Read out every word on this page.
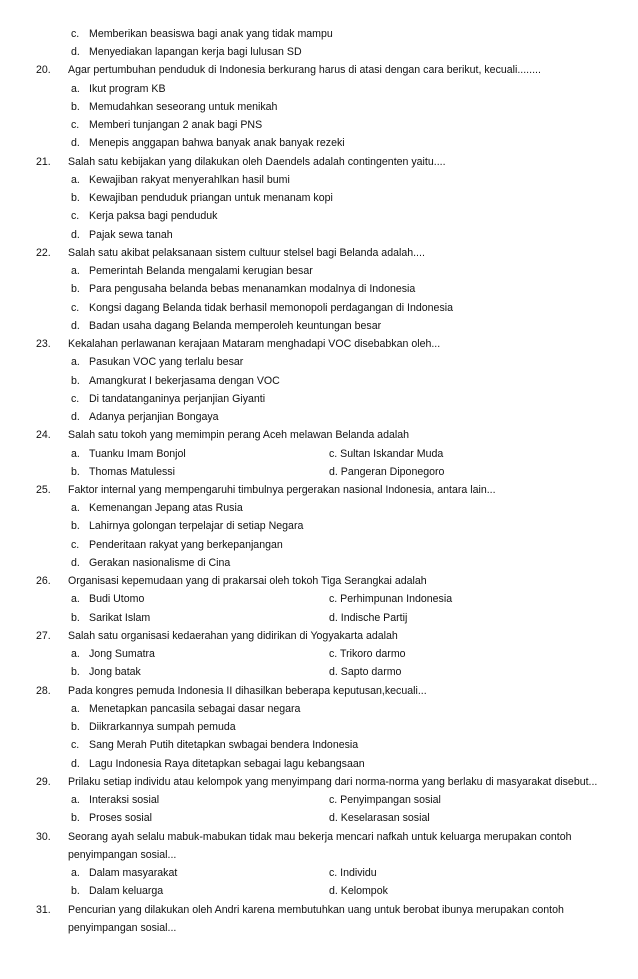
c. Memberikan beasiswa bagi anak yang tidak mampu
d. Menyediakan lapangan kerja bagi lulusan SD
20.	Agar pertumbuhan penduduk di Indonesia berkurang harus di atasi dengan cara berikut, kecuali........
a. Ikut program KB
b. Memudahkan seseorang untuk menikah
c. Memberi tunjangan 2 anak bagi PNS
d. Menepis anggapan bahwa banyak anak banyak rezeki
21.	Salah satu kebijakan yang dilakukan oleh Daendels adalah contingenten yaitu....
a. Kewajiban rakyat menyerahlkan hasil bumi
b. Kewajiban penduduk priangan untuk menanam kopi
c. Kerja paksa bagi penduduk
d. Pajak sewa tanah
22.	Salah satu akibat pelaksanaan sistem cultuur stelsel bagi Belanda adalah....
a. Pemerintah Belanda mengalami kerugian besar
b. Para pengusaha belanda bebas menanamkan modalnya di Indonesia
c. Kongsi dagang Belanda tidak berhasil memonopoli perdagangan di Indonesia
d. Badan usaha dagang Belanda memperoleh keuntungan besar
23.	Kekalahan perlawanan kerajaan Mataram menghadapi VOC disebabkan oleh...
a. Pasukan VOC yang terlalu besar
b. Amangkurat I bekerjasama dengan VOC
c. Di tandatanganinya perjanjian Giyanti
d. Adanya perjanjian Bongaya
24.	Salah satu tokoh yang memimpin perang Aceh melawan Belanda adalah
a. Tuanku Imam Bonjol	c. Sultan Iskandar Muda
b. Thomas Matulessi	d. Pangeran Diponegoro
25.	Faktor internal yang mempengaruhi timbulnya pergerakan nasional Indonesia, antara lain...
a. Kemenangan Jepang atas Rusia
b. Lahirnya golongan terpelajar di setiap Negara
c. Penderitaan rakyat yang berkepanjangan
d. Gerakan nasionalisme di Cina
26.	Organisasi kepemudaan yang di prakarsai oleh tokoh Tiga Serangkai adalah
a. Budi Utomo	c. Perhimpunan Indonesia
b. Sarikat Islam	d. Indische Partij
27.	Salah satu organisasi kedaerahan yang didirikan di Yogyakarta adalah
a. Jong Sumatra	c. Trikoro darmo
b. Jong batak	d. Sapto darmo
28.	Pada kongres pemuda Indonesia II dihasilkan beberapa keputusan,kecuali...
a. Menetapkan pancasila sebagai dasar negara
b. Diikrarkannya sumpah pemuda
c. Sang Merah Putih ditetapkan swbagai bendera Indonesia
d. Lagu Indonesia Raya ditetapkan sebagai lagu kebangsaan
29.	Prilaku setiap individu atau kelompok yang menyimpang dari norma-norma yang berlaku di masyarakat disebut...
a. Interaksi sosial	c. Penyimpangan sosial
b. Proses sosial	d. Keselarasan sosial
30.	Seorang ayah selalu mabuk-mabukan tidak mau bekerja mencari nafkah untuk keluarga merupakan contoh
penyimpangan sosial...
a. Dalam masyarakat	c. Individu
b. Dalam keluarga	d. Kelompok
31.	Pencurian yang dilakukan oleh Andri karena membutuhkan uang untuk berobat ibunya merupakan contoh
penyimpangan sosial...
